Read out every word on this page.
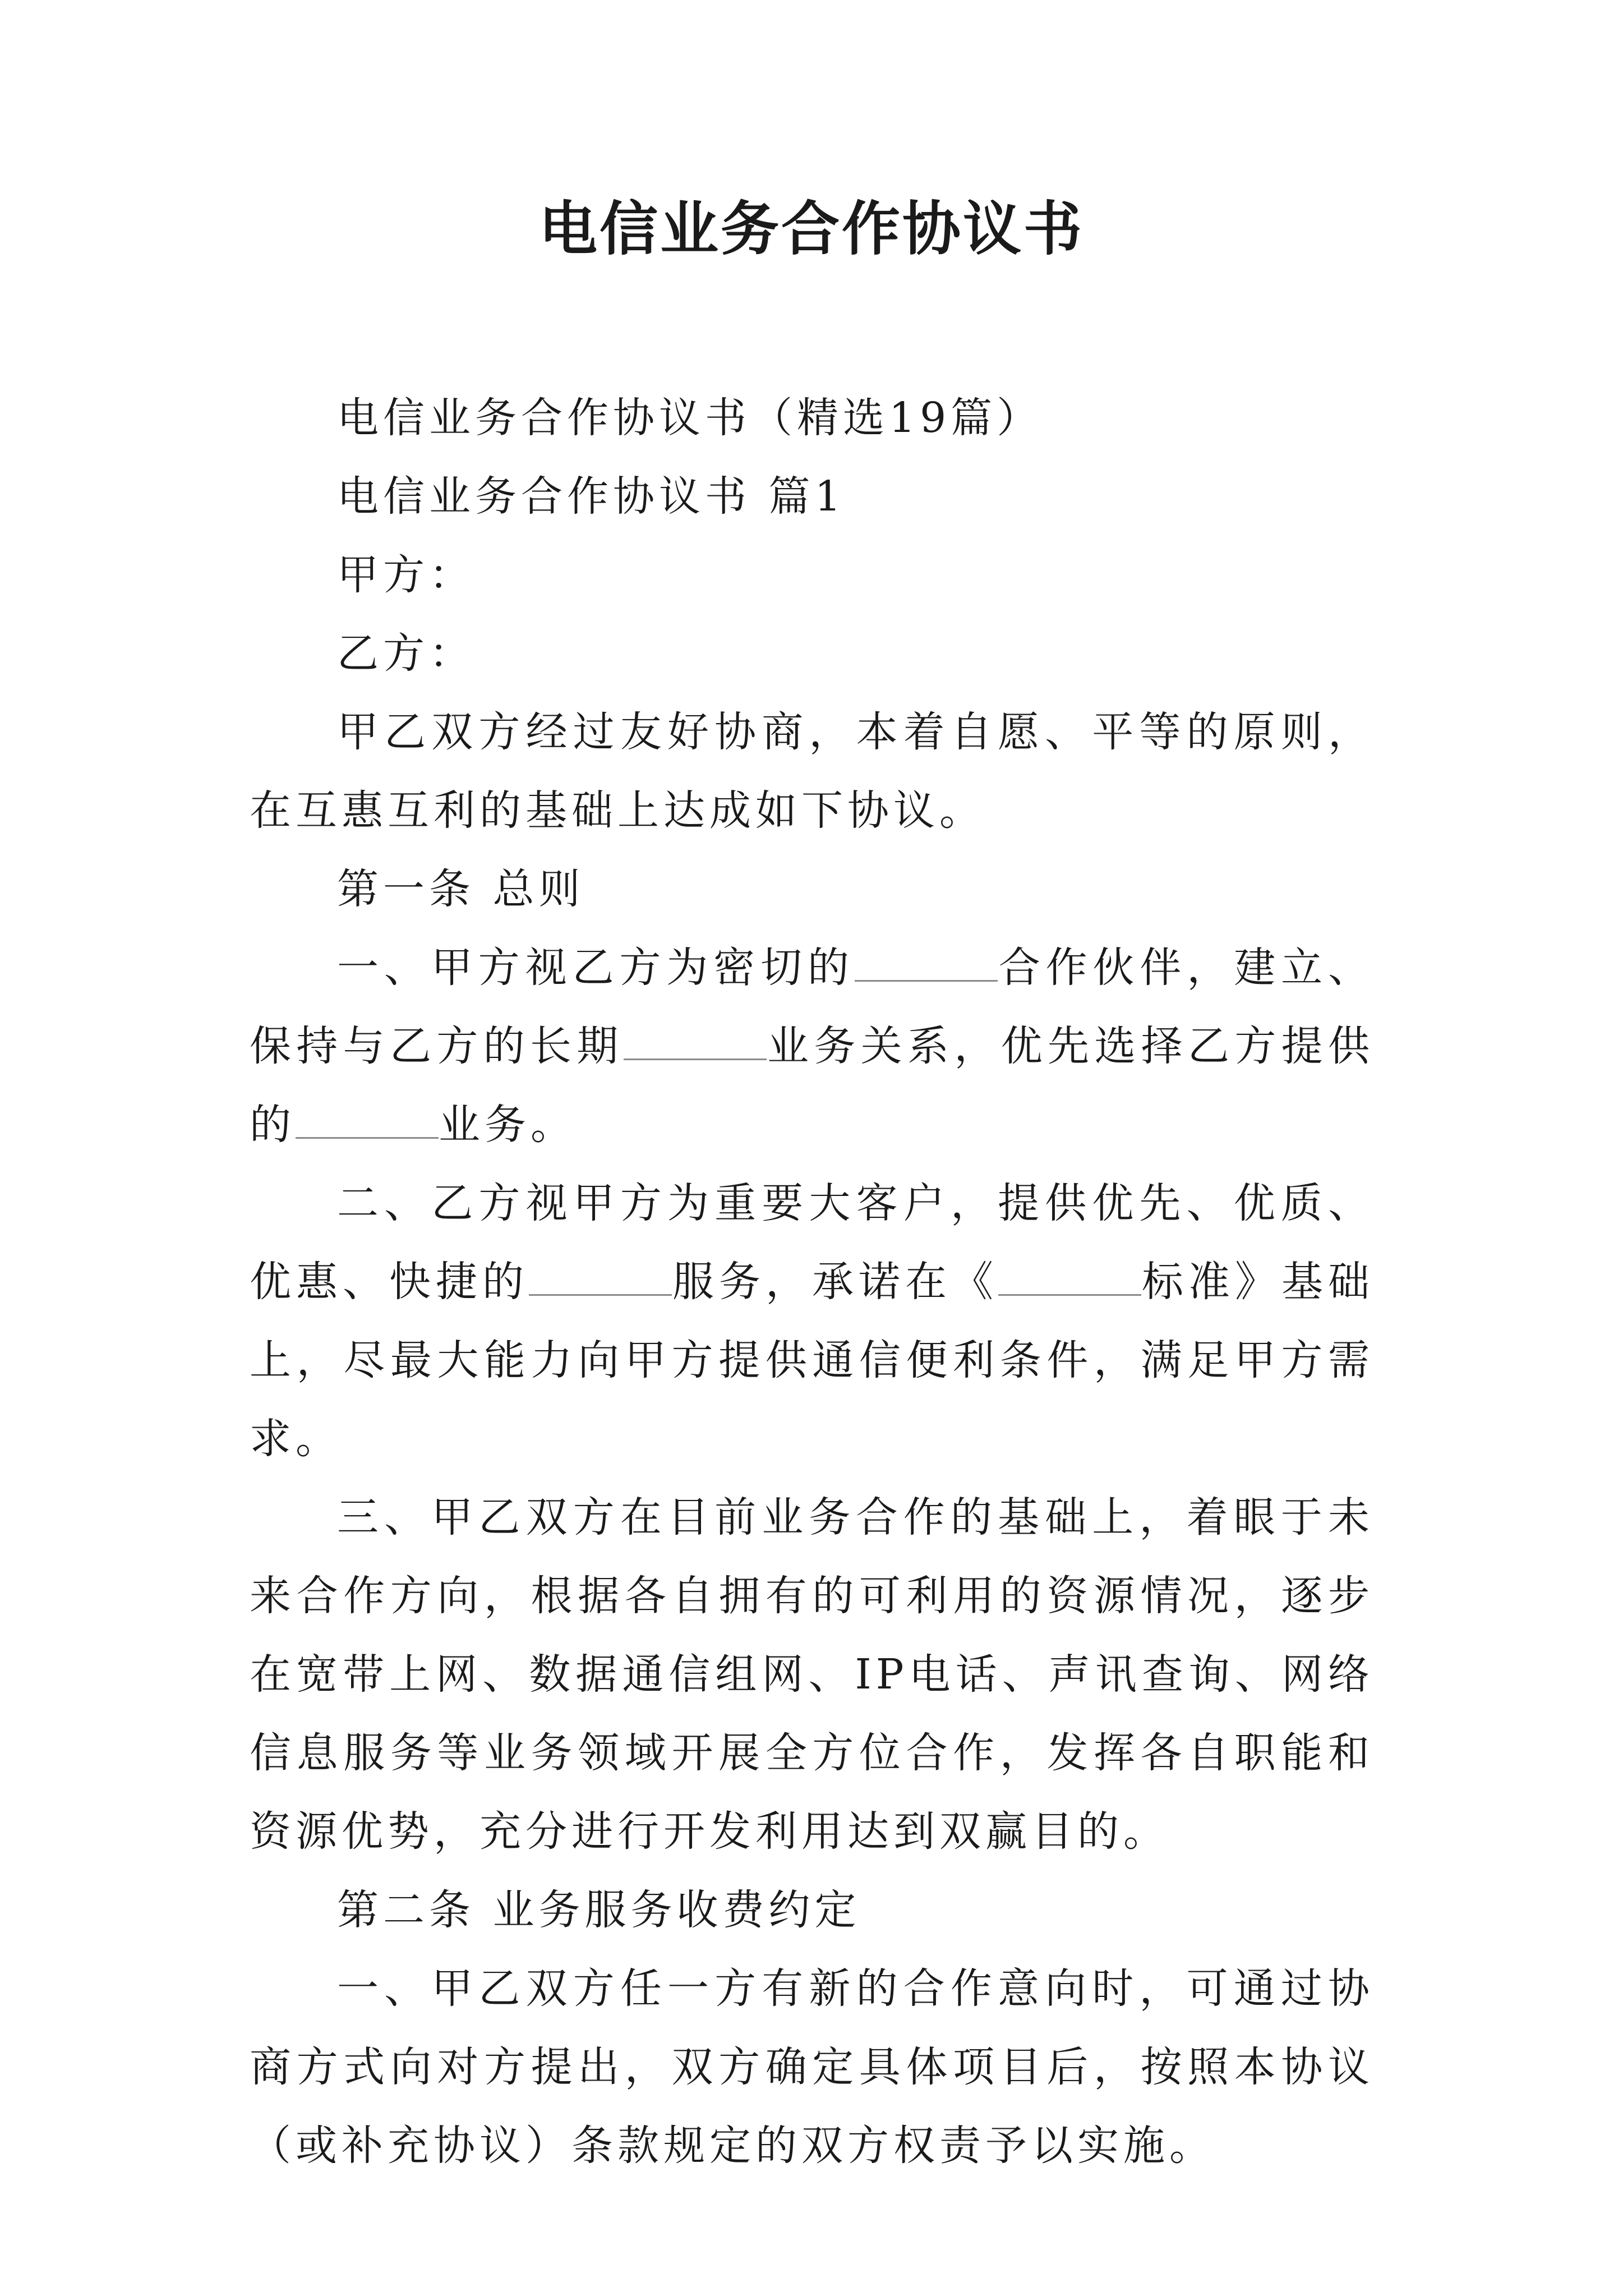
电信业务合作协议书

电信业务合作协议书（精选19篇）

电信业务合作协议书 篇1

甲方：

乙方：

甲乙双方经过友好协商，本着自愿、平等的原则，在互惠互利的基础上达成如下协议。

第一条 总则

一、甲方视乙方为密切的	合作伙伴，建立、保持与乙方的长期	业务关系，优先选择乙方提供的	业务。

二、乙方视甲方为重要大客户，提供优先、优质、优惠、快捷的	服务，承诺在《	标准》基础上，尽最大能力向甲方提供通信便利条件，满足甲方需求。

三、甲乙双方在目前业务合作的基础上，着眼于未来合作方向，根据各自拥有的可利用的资源情况，逐步在宽带上网、数据通信组网、IP电话、声讯查询、网络信息服务等业务领域开展全方位合作，发挥各自职能和资源优势，充分进行开发利用达到双赢目的。

第二条 业务服务收费约定

一、甲乙双方任一方有新的合作意向时，可通过协商方式向对方提出，双方确定具体项目后，按照本协议（或补充协议）条款规定的双方权责予以实施。
